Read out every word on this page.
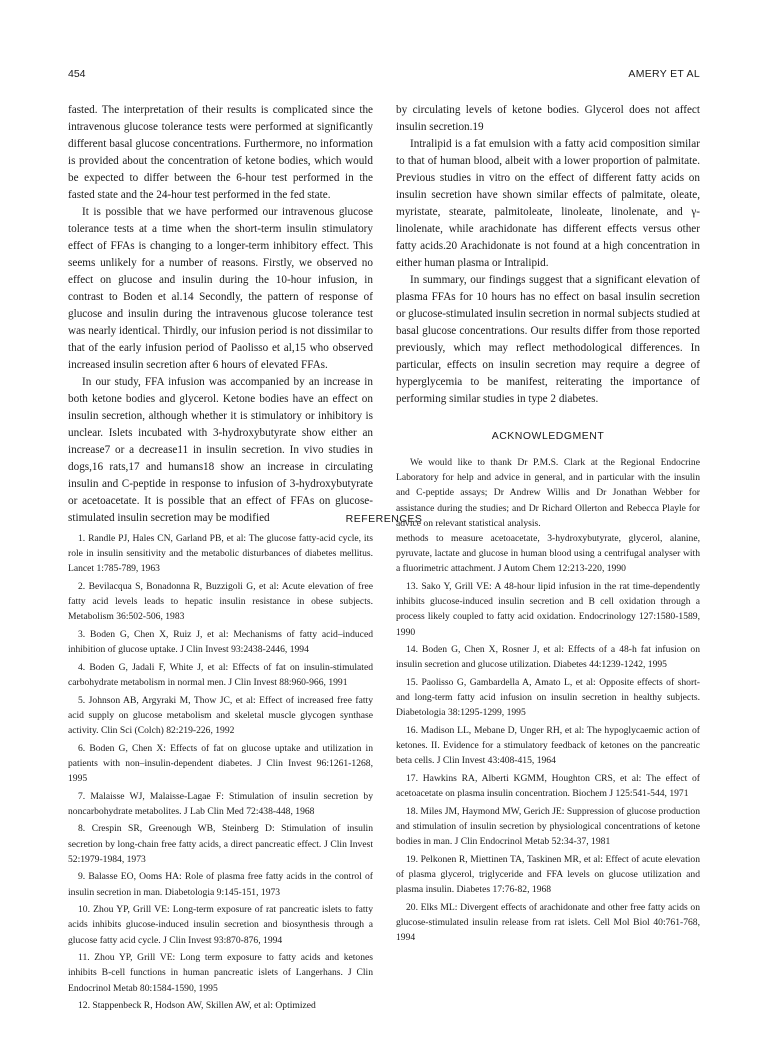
454	AMERY ET AL

fasted. The interpretation of their results is complicated since the intravenous glucose tolerance tests were performed at significantly different basal glucose concentrations. Furthermore, no information is provided about the concentration of ketone bodies, which would be expected to differ between the 6-hour test performed in the fasted state and the 24-hour test performed in the fed state.

It is possible that we have performed our intravenous glucose tolerance tests at a time when the short-term insulin stimulatory effect of FFAs is changing to a longer-term inhibitory effect. This seems unlikely for a number of reasons. Firstly, we observed no effect on glucose and insulin during the 10-hour infusion, in contrast to Boden et al.14 Secondly, the pattern of response of glucose and insulin during the intravenous glucose tolerance test was nearly identical. Thirdly, our infusion period is not dissimilar to that of the early infusion period of Paolisso et al,15 who observed increased insulin secretion after 6 hours of elevated FFAs.

In our study, FFA infusion was accompanied by an increase in both ketone bodies and glycerol. Ketone bodies have an effect on insulin secretion, although whether it is stimulatory or inhibitory is unclear. Islets incubated with 3-hydroxybutyrate show either an increase7 or a decrease11 in insulin secretion. In vivo studies in dogs,16 rats,17 and humans18 show an increase in circulating insulin and C-peptide in response to infusion of 3-hydroxybutyrate or acetoacetate. It is possible that an effect of FFAs on glucose-stimulated insulin secretion may be modified

by circulating levels of ketone bodies. Glycerol does not affect insulin secretion.19

Intralipid is a fat emulsion with a fatty acid composition similar to that of human blood, albeit with a lower proportion of palmitate. Previous studies in vitro on the effect of different fatty acids on insulin secretion have shown similar effects of palmitate, oleate, myristate, stearate, palmitoleate, linoleate, linolenate, and γ-linolenate, while arachidonate has different effects versus other fatty acids.20 Arachidonate is not found at a high concentration in either human plasma or Intralipid.

In summary, our findings suggest that a significant elevation of plasma FFAs for 10 hours has no effect on basal insulin secretion or glucose-stimulated insulin secretion in normal subjects studied at basal glucose concentrations. Our results differ from those reported previously, which may reflect methodological differences. In particular, effects on insulin secretion may require a degree of hyperglycemia to be manifest, reiterating the importance of performing similar studies in type 2 diabetes.

ACKNOWLEDGMENT
We would like to thank Dr P.M.S. Clark at the Regional Endocrine Laboratory for help and advice in general, and in particular with the insulin and C-peptide assays; Dr Andrew Willis and Dr Jonathan Webber for assistance during the studies; and Dr Richard Ollerton and Rebecca Playle for advice on relevant statistical analysis.
REFERENCES

1. Randle PJ, Hales CN, Garland PB, et al: The glucose fatty-acid cycle, its role in insulin sensitivity and the metabolic disturbances of diabetes mellitus. Lancet 1:785-789, 1963

2. Bevilacqua S, Bonadonna R, Buzzigoli G, et al: Acute elevation of free fatty acid levels leads to hepatic insulin resistance in obese subjects. Metabolism 36:502-506, 1983

3. Boden G, Chen X, Ruiz J, et al: Mechanisms of fatty acid–induced inhibition of glucose uptake. J Clin Invest 93:2438-2446, 1994

4. Boden G, Jadali F, White J, et al: Effects of fat on insulin-stimulated carbohydrate metabolism in normal men. J Clin Invest 88:960-966, 1991

5. Johnson AB, Argyraki M, Thow JC, et al: Effect of increased free fatty acid supply on glucose metabolism and skeletal muscle glycogen synthase activity. Clin Sci (Colch) 82:219-226, 1992

6. Boden G, Chen X: Effects of fat on glucose uptake and utilization in patients with non–insulin-dependent diabetes. J Clin Invest 96:1261-1268, 1995

7. Malaisse WJ, Malaisse-Lagae F: Stimulation of insulin secretion by noncarbohydrate metabolites. J Lab Clin Med 72:438-448, 1968

8. Crespin SR, Greenough WB, Steinberg D: Stimulation of insulin secretion by long-chain free fatty acids, a direct pancreatic effect. J Clin Invest 52:1979-1984, 1973

9. Balasse EO, Ooms HA: Role of plasma free fatty acids in the control of insulin secretion in man. Diabetologia 9:145-151, 1973

10. Zhou YP, Grill VE: Long-term exposure of rat pancreatic islets to fatty acids inhibits glucose-induced insulin secretion and biosynthesis through a glucose fatty acid cycle. J Clin Invest 93:870-876, 1994

11. Zhou YP, Grill VE: Long term exposure to fatty acids and ketones inhibits B-cell functions in human pancreatic islets of Langerhans. J Clin Endocrinol Metab 80:1584-1590, 1995

12. Stappenbeck R, Hodson AW, Skillen AW, et al: Optimized

methods to measure acetoacetate, 3-hydroxybutyrate, glycerol, alanine, pyruvate, lactate and glucose in human blood using a centrifugal analyser with a fluorimetric attachment. J Autom Chem 12:213-220, 1990

13. Sako Y, Grill VE: A 48-hour lipid infusion in the rat time-dependently inhibits glucose-induced insulin secretion and B cell oxidation through a process likely coupled to fatty acid oxidation. Endocrinology 127:1580-1589, 1990

14. Boden G, Chen X, Rosner J, et al: Effects of a 48-h fat infusion on insulin secretion and glucose utilization. Diabetes 44:1239-1242, 1995

15. Paolisso G, Gambardella A, Amato L, et al: Opposite effects of short- and long-term fatty acid infusion on insulin secretion in healthy subjects. Diabetologia 38:1295-1299, 1995

16. Madison LL, Mebane D, Unger RH, et al: The hypoglycaemic action of ketones. II. Evidence for a stimulatory feedback of ketones on the pancreatic beta cells. J Clin Invest 43:408-415, 1964

17. Hawkins RA, Alberti KGMM, Houghton CRS, et al: The effect of acetoacetate on plasma insulin concentration. Biochem J 125:541-544, 1971

18. Miles JM, Haymond MW, Gerich JE: Suppression of glucose production and stimulation of insulin secretion by physiological concentrations of ketone bodies in man. J Clin Endocrinol Metab 52:34-37, 1981

19. Pelkonen R, Miettinen TA, Taskinen MR, et al: Effect of acute elevation of plasma glycerol, triglyceride and FFA levels on glucose utilization and plasma insulin. Diabetes 17:76-82, 1968

20. Elks ML: Divergent effects of arachidonate and other free fatty acids on glucose-stimulated insulin release from rat islets. Cell Mol Biol 40:761-768, 1994
